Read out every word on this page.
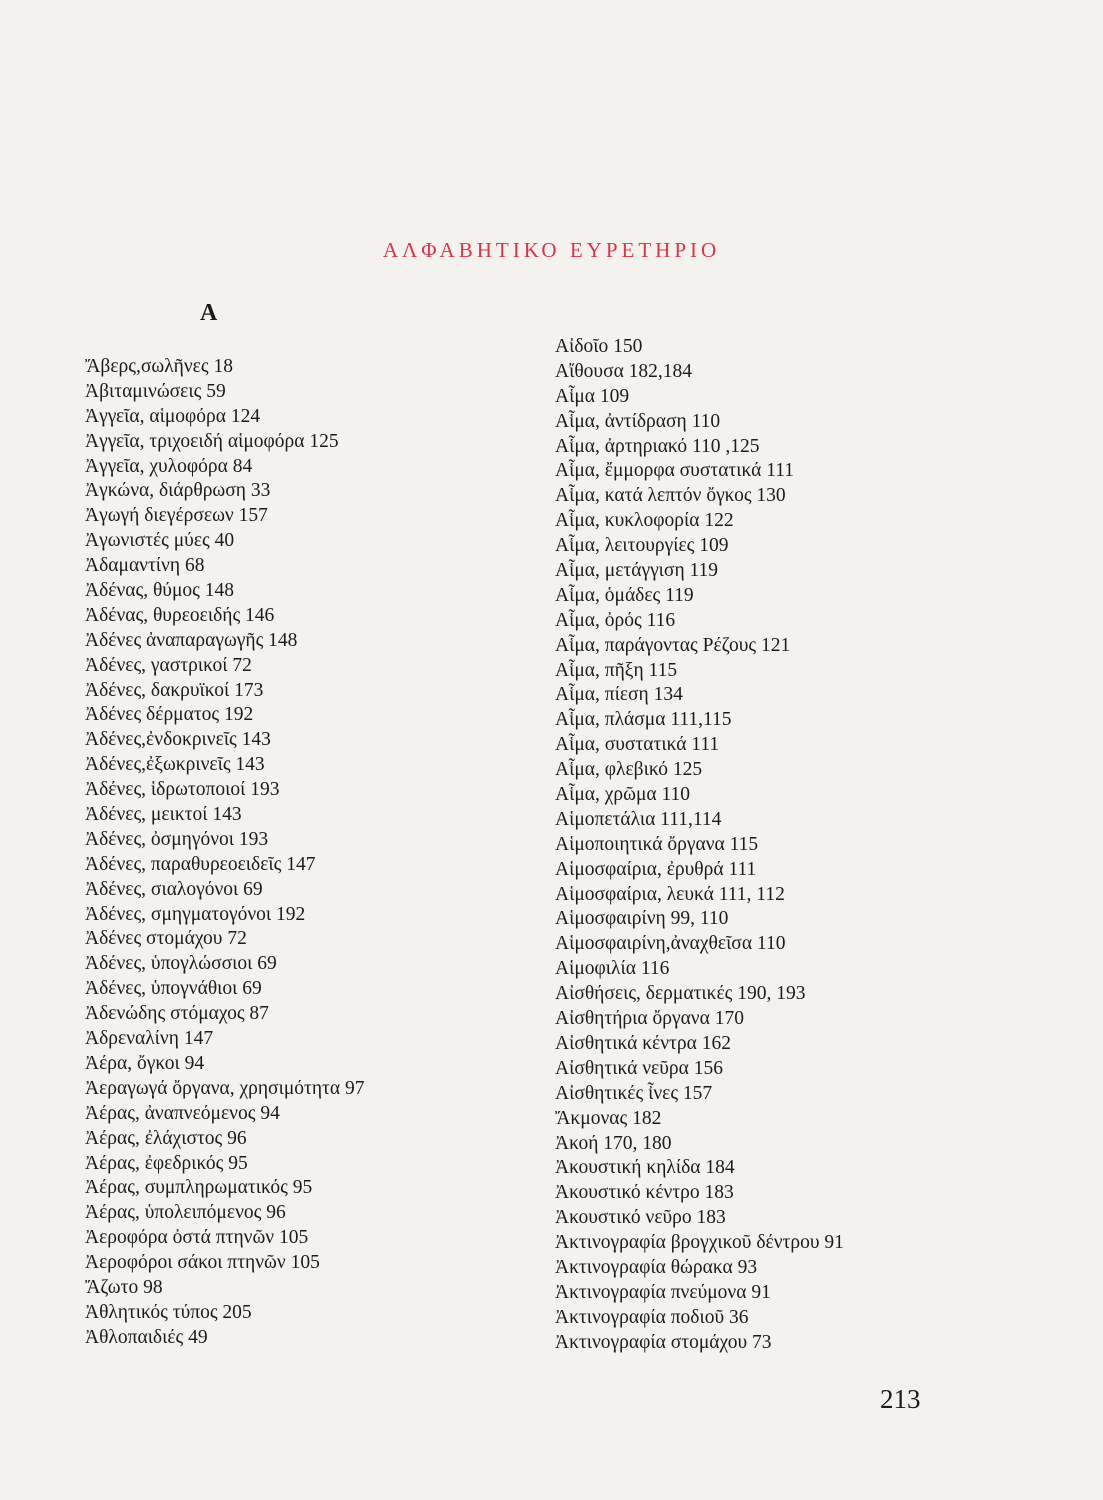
ΑΛΦΑΒΗΤΙΚΟ ΕΥΡΕΤΗΡΙΟ
A
Ἄβερς,σωλῆνες 18
Ἀβιταμινώσεις 59
Ἀγγεῖα, αἱμοφόρα 124
Ἀγγεῖα, τριχοειδή αἱμοφόρα 125
Ἀγγεῖα, χυλοφόρα 84
Ἀγκώνα, διάρθρωση 33
Ἀγωγή διεγέρσεων 157
Ἀγωνιστές μύες 40
Ἀδαμαντίνη 68
Ἀδένας, θύμος 148
Ἀδένας, θυρεοειδής 146
Ἀδένες ἀναπαραγωγῆς 148
Ἀδένες, γαστρικοί 72
Ἀδένες, δακρυϊκοί 173
Ἀδένες δέρματος 192
Ἀδένες,ἐνδοκρινεῖς 143
Ἀδένες,ἐξωκρινεῖς 143
Ἀδένες, ἱδρωτοποιοί 193
Ἀδένες, μεικτοί 143
Ἀδένες, ὀσμηγόνοι 193
Ἀδένες, παραθυρεοειδεῖς 147
Ἀδένες, σιαλογόνοι 69
Ἀδένες, σμηγματογόνοι 192
Ἀδένες στομάχου 72
Ἀδένες, ὑπογλώσσιοι 69
Ἀδένες, ὑπογνάθιοι 69
Ἀδενώδης στόμαχος 87
Ἀδρεναλίνη 147
Ἀέρα, ὄγκοι 94
Ἀεραγωγά ὄργανα, χρησιμότητα 97
Ἀέρας, ἀναπνεόμενος 94
Ἀέρας, ἐλάχιστος 96
Ἀέρας, ἐφεδρικός 95
Ἀέρας, συμπληρωματικός 95
Ἀέρας, ὑπολειπόμενος 96
Ἀεροφόρα ὀστά πτηνῶν 105
Ἀεροφόροι σάκοι πτηνῶν 105
Ἄζωτο 98
Ἀθλητικός τύπος 205
Ἀθλοπαιδιές 49
Αἰδοῖο 150
Αἴθουσα 182,184
Αἷμα 109
Αἷμα, ἀντίδραση 110
Αἷμα, ἀρτηριακό 110 ,125
Αἷμα, ἔμμορφα συστατικά 111
Αἷμα, κατά λεπτόν ὄγκος 130
Αἷμα, κυκλοφορία 122
Αἷμα, λειτουργίες 109
Αἷμα, μετάγγιση 119
Αἷμα, ὁμάδες 119
Αἷμα, ὀρός 116
Αἷμα, παράγοντας Ρέζους 121
Αἷμα, πῆξη 115
Αἷμα, πίεση 134
Αἷμα, πλάσμα 111,115
Αἷμα, συστατικά 111
Αἷμα, φλεβικό 125
Αἷμα, χρῶμα 110
Αἱμοπετάλια 111,114
Αἱμοποιητικά ὄργανα 115
Αἱμοσφαίρια, ἐρυθρά 111
Αἱμοσφαίρια, λευκά 111, 112
Αἱμοσφαιρίνη 99, 110
Αἱμοσφαιρίνη,ἀναχθεῖσα 110
Αἱμοφιλία 116
Αἰσθήσεις, δερματικές 190, 193
Αἰσθητήρια ὄργανα 170
Αἰσθητικά κέντρα 162
Αἰσθητικά νεῦρα 156
Αἰσθητικές ἶνες 157
Ἄκμονας 182
Ἀκοή 170, 180
Ἀκουστική κηλίδα 184
Ἀκουστικό κέντρο 183
Ἀκουστικό νεῦρο 183
Ἀκτινογραφία βρογχικοῦ δέντρου 91
Ἀκτινογραφία θώρακα 93
Ἀκτινογραφία πνεύμονα 91
Ἀκτινογραφία ποδιοῦ 36
Ἀκτινογραφία στομάχου 73
213
